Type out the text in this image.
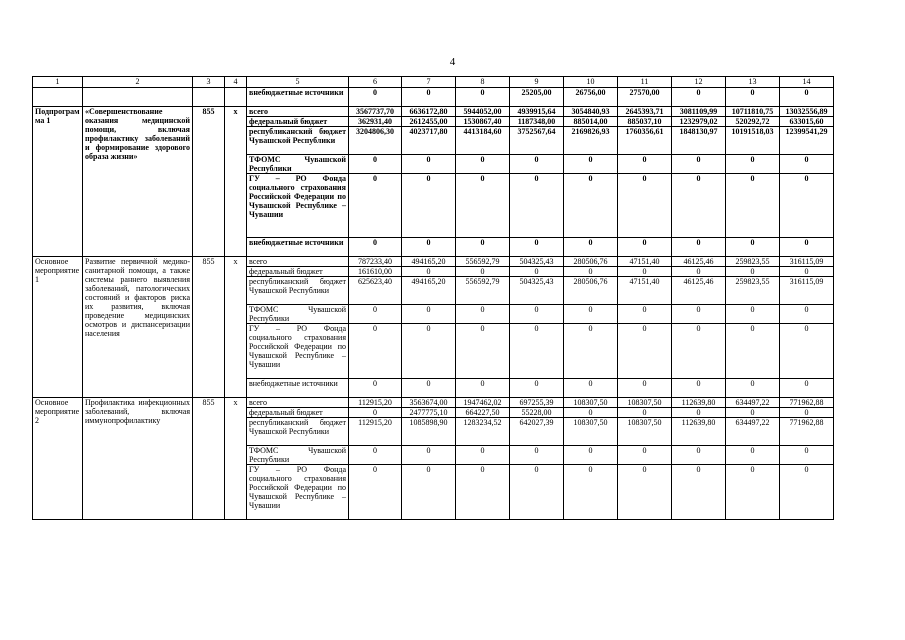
4
1	2	3	4	5	6	7	8	9	10	11	12	13	14
				внебюджетные источники	0	0	0	25205,00	26756,00	27570,00	0	0	0
Подпрограмма 1	«Совершенствование оказания медицинской помощи, включая профилактику заболеваний и формирование здорового образа жизни»	855	х	всего	3567737,70	6636172,80	5944052,00	4939915,64	3054840,93	2645393,71	3081109,99	10711810,75	13032556,89
				федеральный бюджет	362931,40	2612455,00	1530867,40	1187348,00	885014,00	885037,10	1232979,02	520292,72	633015,60
				республиканский бюджет Чувашской Республики	3204806,30	4023717,80	4413184,60	3752567,64	2169826,93	1760356,61	1848130,97	10191518,03	12399541,29
				ТФОМС Чувашской Республики	0	0	0	0	0	0	0	0	0
				ГУ – РО Фонда социального страхования Российской Федерации по Чувашской Республике – Чувашии	0	0	0	0	0	0	0	0	0
				внебюджетные источники	0	0	0	0	0	0	0	0	0
Основное мероприятие 1	Развитие первичной медико-санитарной помощи, а также системы раннего выявления заболеваний, патологических состояний и факторов риска их развития, включая проведение медицинских осмотров и диспансеризации населения	855	х	всего	787233,40	494165,20	556592,79	504325,43	280506,76	47151,40	46125,46	259823,55	316115,09
				федеральный бюджет	161610,00	0	0	0	0	0	0	0	0
				республиканский бюджет Чувашской Республики	625623,40	494165,20	556592,79	504325,43	280506,76	47151,40	46125,46	259823,55	316115,09
				ТФОМС Чувашской Республики	0	0	0	0	0	0	0	0	0
				ГУ – РО Фонда социального страхования Российской Федерации по Чувашской Республике – Чувашии	0	0	0	0	0	0	0	0	0
				внебюджетные источники	0	0	0	0	0	0	0	0	0
Основное мероприятие 2	Профилактика инфекционных заболеваний, включая иммунопрофилактику	855	х	всего	112915,20	3563674,00	1947462,02	697255,39	108307,50	108307,50	112639,80	634497,22	771962,88
				федеральный бюджет	0	2477775,10	664227,50	55228,00	0	0	0	0	0
				республиканский бюджет Чувашской Республики	112915,20	1085898,90	1283234,52	642027,39	108307,50	108307,50	112639,80	634497,22	771962,88
				ТФОМС Чувашской Республики	0	0	0	0	0	0	0	0	0
				ГУ – РО Фонда социального страхования Российской Федерации по Чувашской Республике – Чувашии	0	0	0	0	0	0	0	0	0
